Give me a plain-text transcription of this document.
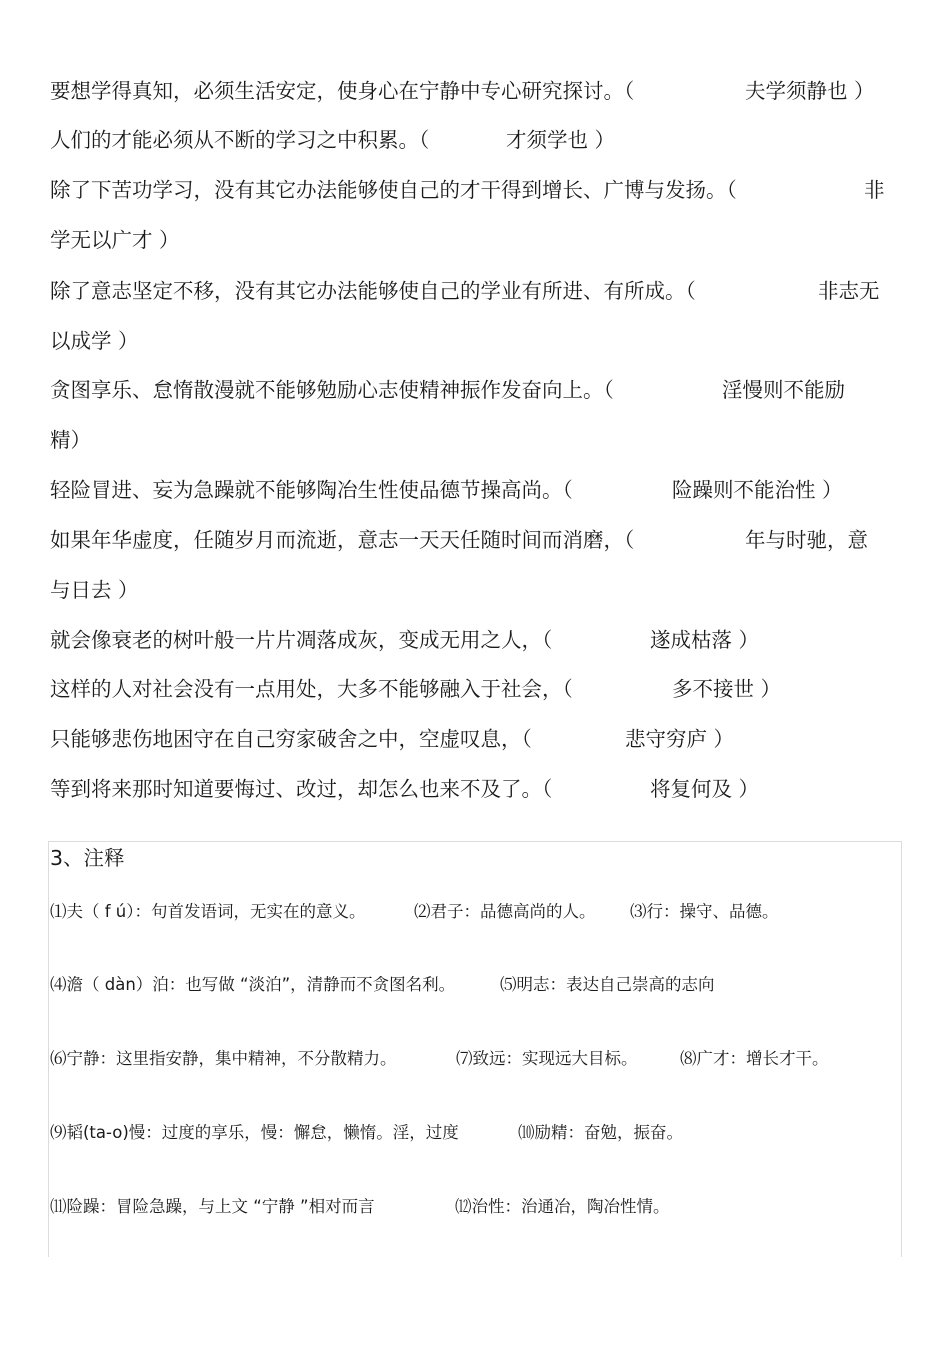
要想学得真知，必须生活安定，使身心在宁静中专心研究探讨。（	夫学须静也 ）

人们的才能必须从不断的学习之中积累。（	才须学也 ）

除了下苦功学习，没有其它办法能够使自己的才干得到增长、广博与发扬。（	非

学无以广才 ）

除了意志坚定不移，没有其它办法能够使自己的学业有所进、有所成。（	非志无

以成学 ）

贪图享乐、怠惰散漫就不能够勉励心志使精神振作发奋向上。（	淫慢则不能励

精）

轻险冒进、妄为急躁就不能够陶冶生性使品德节操高尚。（	险躁则不能治性 ）

如果年华虚度，任随岁月而流逝，意志一天天任随时间而消磨，（	年与时驰，意

与日去 ）

就会像衰老的树叶般一片片凋落成灰，变成无用之人，（	遂成枯落 ）

这样的人对社会没有一点用处，大多不能够融入于社会，（	多不接世 ）

只能够悲伤地困守在自己穷家破舍之中，空虚叹息，（	悲守穷庐 ）

等到将来那时知道要悔过、改过，却怎么也来不及了。（	将复何及 ）

3、注释
⑴夫（ f ú）：句首发语词，无实在的意义。	⑵君子：品德高尚的人。 ⑶行：操守、品德。
⑷澹（ dàn）泊：也写做 “淡泊”，清静而不贪图名利。	⑸明志：表达自己崇高的志向
⑹宁静：这里指安静，集中精神，不分散精力。	⑺致远：实现远大目标。	⑻广才：增长才干。
⑼韬(ta-o)慢：过度的享乐，慢：懈怠，懒惰。淫，过度	⑽励精：奋勉，振奋。
⑾险躁：冒险急躁，与上文 “宁静 ”相对而言	⑿治性：治通冶，陶冶性情。
